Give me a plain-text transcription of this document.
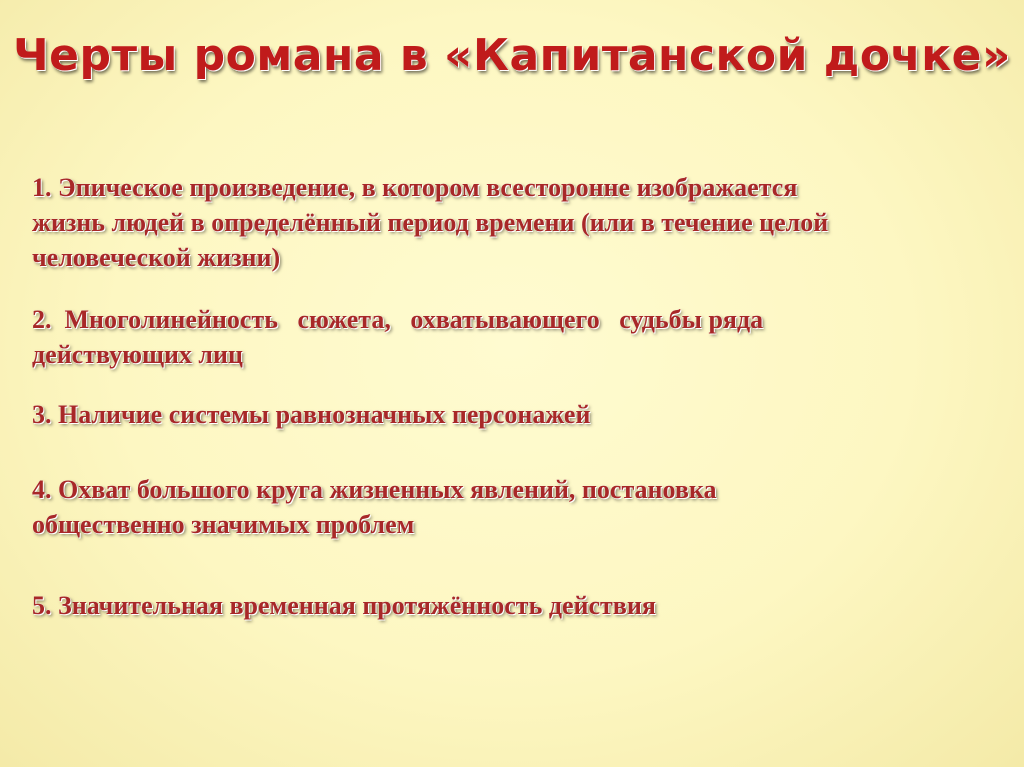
Черты романа в «Капитанской дочке»
1. Эпическое произведение, в котором всесторонне изображается
жизнь людей в определённый период времени (или в течение целой
человеческой жизни)
2.  Многолинейность   сюжета,   охватывающего   судьбы ряда
действующих лиц
3. Наличие системы равнозначных персонажей
4. Охват большого круга жизненных явлений, постановка
общественно значимых проблем
5. Значительная временная протяжённость действия
